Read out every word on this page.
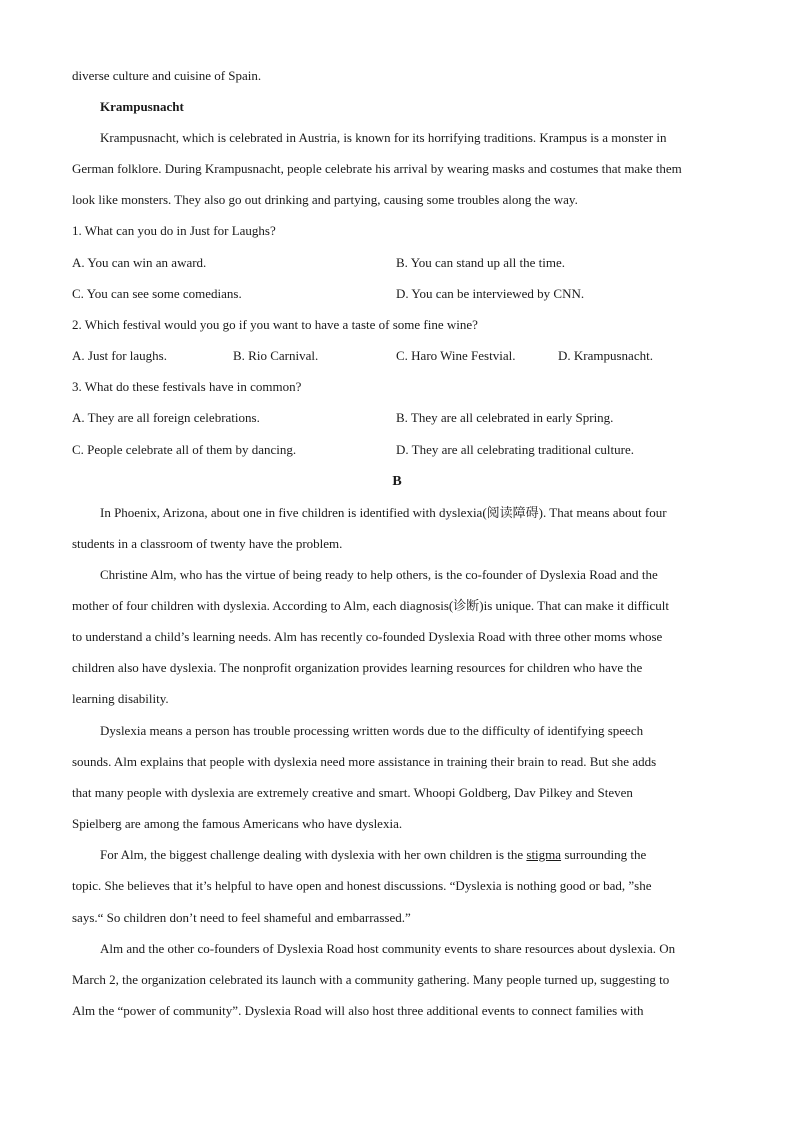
diverse culture and cuisine of Spain.
Krampusnacht
Krampusnacht, which is celebrated in Austria, is known for its horrifying traditions. Krampus is a monster in
German folklore. During Krampusnacht, people celebrate his arrival by wearing masks and costumes that make them
look like monsters. They also go out drinking and partying, causing some troubles along the way.
1. What can you do in Just for Laughs?
A. You can win an award.	B. You can stand up all the time.
C. You can see some comedians.	D. You can be interviewed by CNN.
2. Which festival would you go if you want to have a taste of some fine wine?
A. Just for laughs.	B. Rio Carnival.	C. Haro Wine Festvial.	D. Krampusnacht.
3. What do these festivals have in common?
A. They are all foreign celebrations.	B. They are all celebrated in early Spring.
C. People celebrate all of them by dancing.	D. They are all celebrating traditional culture.
B
In Phoenix, Arizona, about one in five children is identified with dyslexia(阅读障碍). That means about four
students in a classroom of twenty have the problem.
Christine Alm, who has the virtue of being ready to help others, is the co-founder of Dyslexia Road and the
mother of four children with dyslexia. According to Alm, each diagnosis(诊断)is unique. That can make it difficult
to understand a child’s learning needs. Alm has recently co-founded Dyslexia Road with three other moms whose
children also have dyslexia. The nonprofit organization provides learning resources for children who have the
learning disability.
Dyslexia means a person has trouble processing written words due to the difficulty of identifying speech
sounds. Alm explains that people with dyslexia need more assistance in training their brain to read. But she adds
that many people with dyslexia are extremely creative and smart. Whoopi Goldberg, Dav Pilkey and Steven
Spielberg are among the famous Americans who have dyslexia.
For Alm, the biggest challenge dealing with dyslexia with her own children is the stigma surrounding the
topic. She believes that it’s helpful to have open and honest discussions. “Dyslexia is nothing good or bad, ”she
says.“ So children don’t need to feel shameful and embarrassed.”
Alm and the other co-founders of Dyslexia Road host community events to share resources about dyslexia. On
March 2, the organization celebrated its launch with a community gathering. Many people turned up, suggesting to
Alm the “power of community”. Dyslexia Road will also host three additional events to connect families with
